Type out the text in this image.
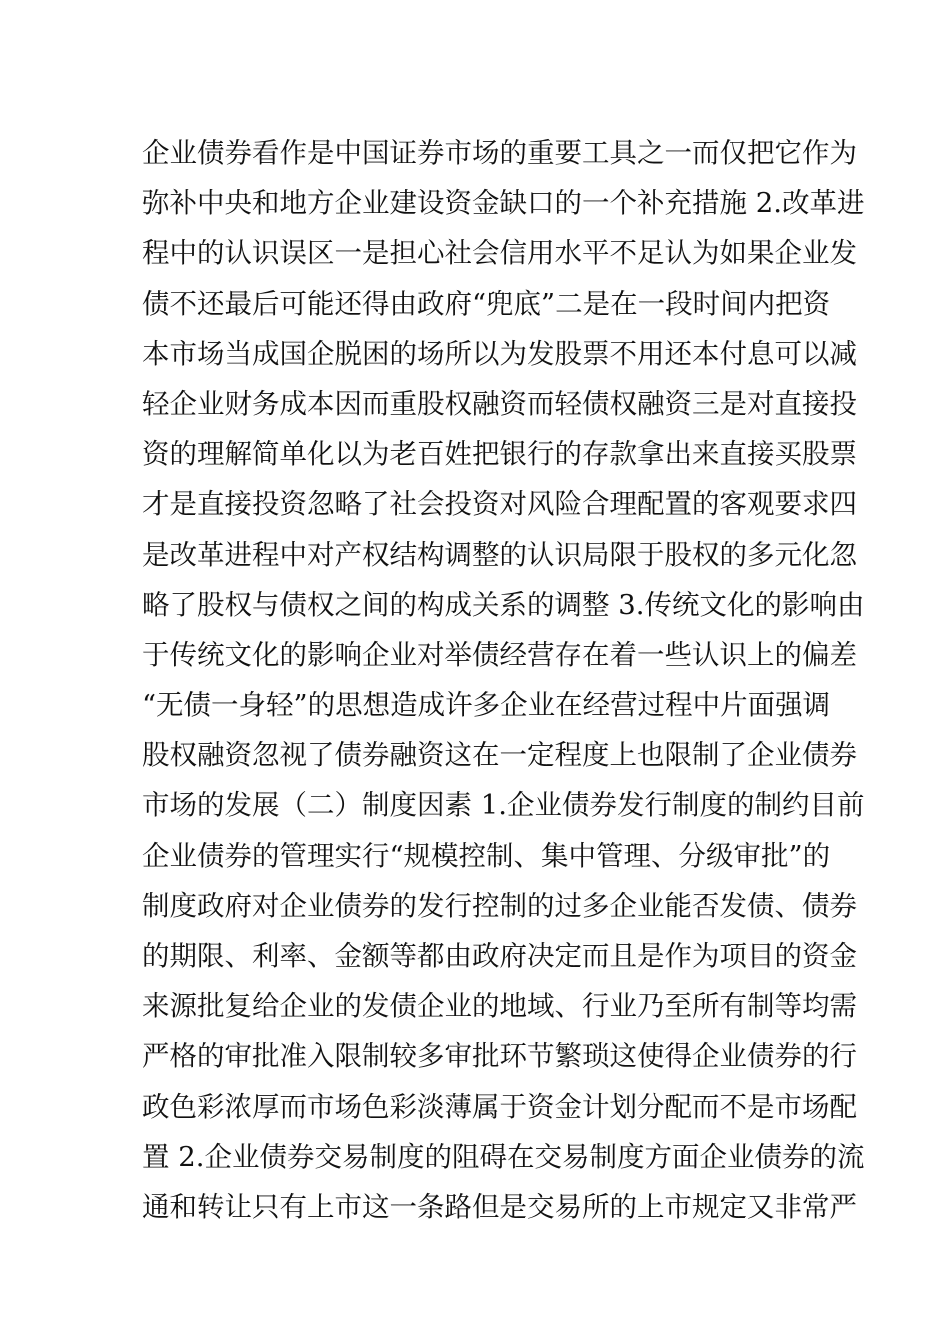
企业债券看作是中国证券市场的重要工具之一而仅把它作为
弥补中央和地方企业建设资金缺口的一个补充措施 2.改革进
程中的认识误区一是担心社会信用水平不足认为如果企业发
债不还最后可能还得由政府“兜底”二是在一段时间内把资
本市场当成国企脱困的场所以为发股票不用还本付息可以减
轻企业财务成本因而重股权融资而轻债权融资三是对直接投
资的理解简单化以为老百姓把银行的存款拿出来直接买股票
才是直接投资忽略了社会投资对风险合理配置的客观要求四
是改革进程中对产权结构调整的认识局限于股权的多元化忽
略了股权与债权之间的构成关系的调整 3.传统文化的影响由
于传统文化的影响企业对举债经营存在着一些认识上的偏差
“无债一身轻”的思想造成许多企业在经营过程中片面强调
股权融资忽视了债券融资这在一定程度上也限制了企业债券
市场的发展（二）制度因素 1.企业债券发行制度的制约目前
企业债券的管理实行“规模控制、集中管理、分级审批”的
制度政府对企业债券的发行控制的过多企业能否发债、债券
的期限、利率、金额等都由政府决定而且是作为项目的资金
来源批复给企业的发债企业的地域、行业乃至所有制等均需
严格的审批准入限制较多审批环节繁琐这使得企业债券的行
政色彩浓厚而市场色彩淡薄属于资金计划分配而不是市场配
置 2.企业债券交易制度的阻碍在交易制度方面企业债券的流
通和转让只有上市这一条路但是交易所的上市规定又非常严
